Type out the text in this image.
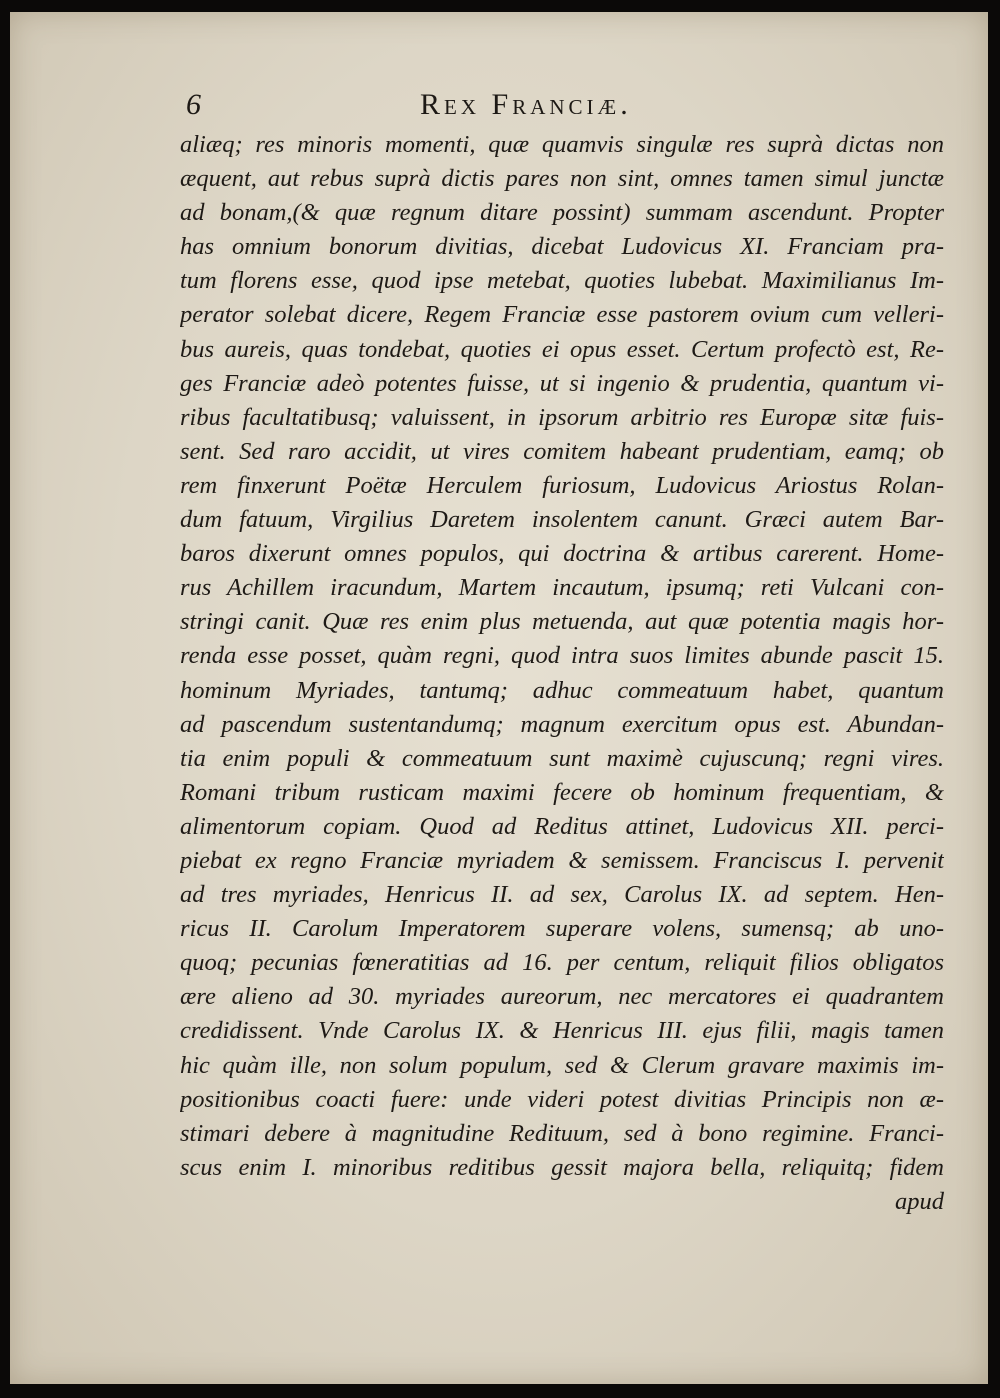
6	Rex Franciæ.
aliæq; res minoris momenti, quæ quamvis singulæ res suprà dictas non
æquent, aut rebus suprà dictis pares non sint, omnes tamen simul junctæ
ad bonam,(& quæ regnum ditare possint) summam ascendunt. Propter
has omnium bonorum divitias, dicebat Ludovicus XI. Franciam pra-
tum florens esse, quod ipse metebat, quoties lubebat. Maximilianus Im-
perator solebat dicere, Regem Franciæ esse pastorem ovium cum velleri-
bus aureis, quas tondebat, quoties ei opus esset. Certum profectò est, Re-
ges Franciæ adeò potentes fuisse, ut si ingenio & prudentia, quantum vi-
ribus facultatibusq; valuissent, in ipsorum arbitrio res Europæ sitæ fuis-
sent. Sed raro accidit, ut vires comitem habeant prudentiam, eamq; ob
rem finxerunt Poëtæ Herculem furiosum, Ludovicus Ariostus Rolan-
dum fatuum, Virgilius Daretem insolentem canunt. Græci autem Bar-
baros dixerunt omnes populos, qui doctrina & artibus carerent. Home-
rus Achillem iracundum, Martem incautum, ipsumq; reti Vulcani con-
stringi canit. Quæ res enim plus metuenda, aut quæ potentia magis hor-
renda esse posset, quàm regni, quod intra suos limites abunde pascit 15.
hominum Myriades, tantumq; adhuc commeatuum habet, quantum
ad pascendum sustentandumq; magnum exercitum opus est. Abundan-
tia enim populi & commeatuum sunt maximè cujuscunq; regni vires.
Romani tribum rusticam maximi fecere ob hominum frequentiam, &
alimentorum copiam. Quod ad Reditus attinet, Ludovicus XII. perci-
piebat ex regno Franciæ myriadem & semissem. Franciscus I. pervenit
ad tres myriades, Henricus II. ad sex, Carolus IX. ad septem. Hen-
ricus II. Carolum Imperatorem superare volens, sumensq; ab uno-
quoq; pecunias fœneratitias ad 16. per centum, reliquit filios obligatos
ære alieno ad 30. myriades aureorum, nec mercatores ei quadrantem
credidissent. Vnde Carolus IX. & Henricus III. ejus filii, magis tamen
hic quàm ille, non solum populum, sed & Clerum gravare maximis im-
positionibus coacti fuere: unde videri potest divitias Principis non æ-
stimari debere à magnitudine Redituum, sed à bono regimine. Franci-
scus enim I. minoribus reditibus gessit majora bella, reliquitq; fidem
apud
